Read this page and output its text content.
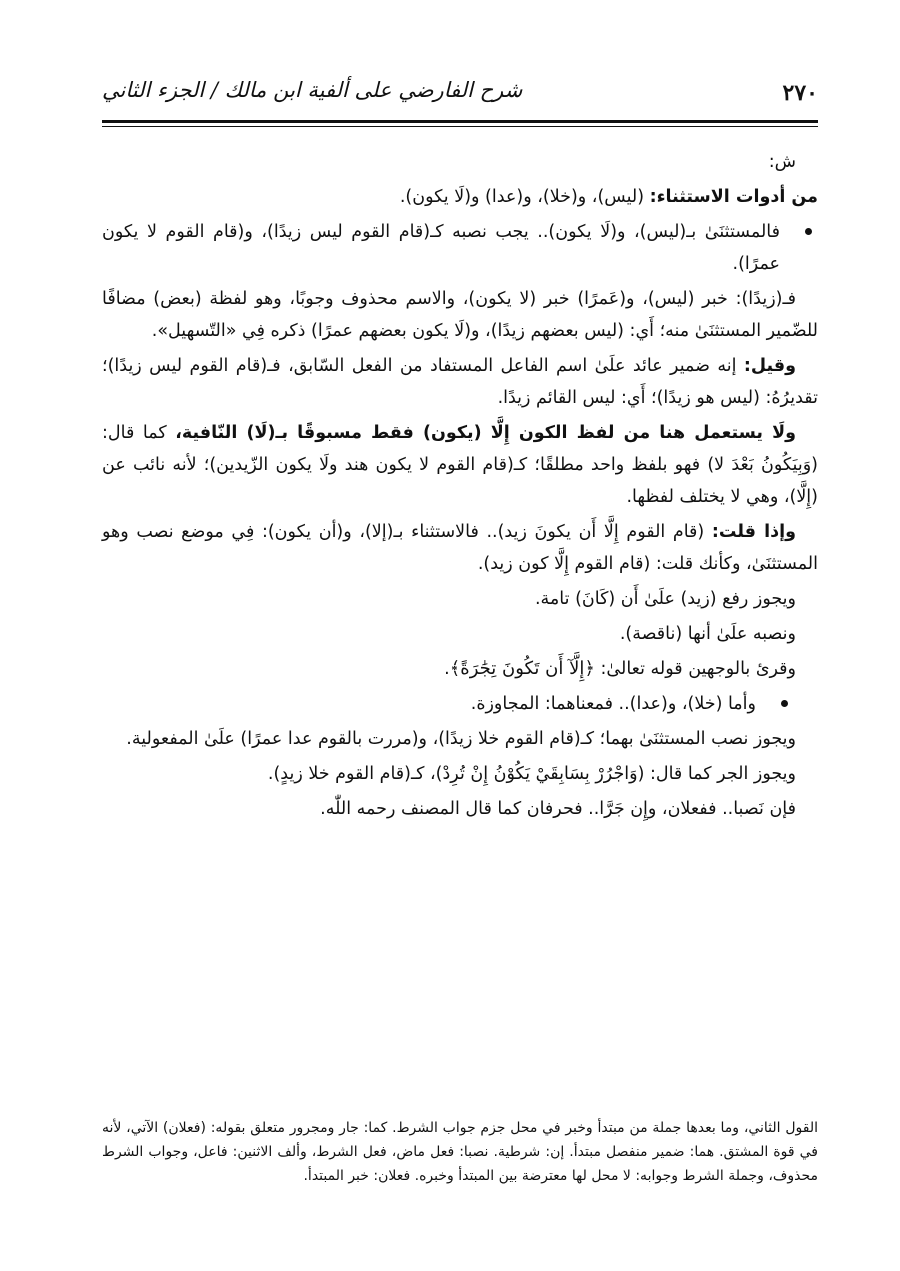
٢٧٠
شرح الفارضي على ألفية ابن مالك / الجزء الثاني

ش:

من أدوات الاستثناء: (ليس)، و(خلا)، و(عدا) و(لَا يكون).

فالمستثنَىٰ بـ(ليس)، و(لَا يكون).. يجب نصبه كـ(قام القوم ليس زيدًا)، و(قام القوم لا يكون عمرًا).

فـ(زيدًا): خبر (ليس)، و(عَمرًا) خبر (لا يكون)، والاسم محذوف وجوبًا، وهو لفظة (بعض) مضافًا للضّمير المستثنَىٰ منه؛ أَي: (ليس بعضهم زيدًا)، و(لَا يكون بعضهم عمرًا) ذكره فِي «التّسهيل».

وقيل: إنه ضمير عائد علَىٰ اسم الفاعل المستفاد من الفعل السّابق، فـ(قام القوم ليس زيدًا)؛ تقديرُهُ: (ليس هو زيدًا)؛ أَي: ليس القائم زيدًا.

ولَا يستعمل هنا من لفظ الكون إِلَّا (يكون) فقط مسبوقًا بـ(لَا) النّافية، كما قال: (وَبِيَكُونُ بَعْدَ لا) فهو بلفظ واحد مطلقًا؛ كـ(قام القوم لا يكون هند ولَا يكون الزّيدين)؛ لأنه نائب عن (إِلَّا)، وهي لا يختلف لفظها.

وإذا قلت: (قام القوم إِلَّا أَن يكونَ زيد).. فالاستثناء بـ(إلا)، و(أن يكون): فِي موضع نصب وهو المستثنَىٰ، وكأنك قلت: (قام القوم إِلَّا كون زيد).

ويجوز رفع (زيد) علَىٰ أَن (كَانَ) تامة.

ونصبه علَىٰ أنها (ناقصة).

وقرئ بالوجهين قوله تعالىٰ: ﴿إِلَّآ أَن تَكُونَ تِجَٰرَةً﴾.

وأما (خلا)، و(عدا).. فمعناهما: المجاوزة.

ويجوز نصب المستثنَىٰ بهما؛ كـ(قام القوم خلا زيدًا)، و(مررت بالقوم عدا عمرًا) علَىٰ المفعولية.

ويجوز الجر كما قال: (وَاجْرُرْ بِسَابِقَيْ يَكُوْنُ إِنْ تُرِدْ)، كـ(قام القوم خلا زيدٍ).

فإن نَصبا.. ففعلان، وإِن جَرَّا.. فحرفان كما قال المصنف رحمه اللّٰه.

القول الثاني، وما بعدها جملة من مبتدأ وخبر في محل جزم جواب الشرط. كما: جار ومجرور متعلق بقوله: (فعلان) الآتي، لأنه في قوة المشتق. هما: ضمير منفصل مبتدأ. إن: شرطية. نصبا: فعل ماض، فعل الشرط، وألف الاثنين: فاعل، وجواب الشرط محذوف، وجملة الشرط وجوابه: لا محل لها معترضة بين المبتدأ وخبره. فعلان: خبر المبتدأ.
